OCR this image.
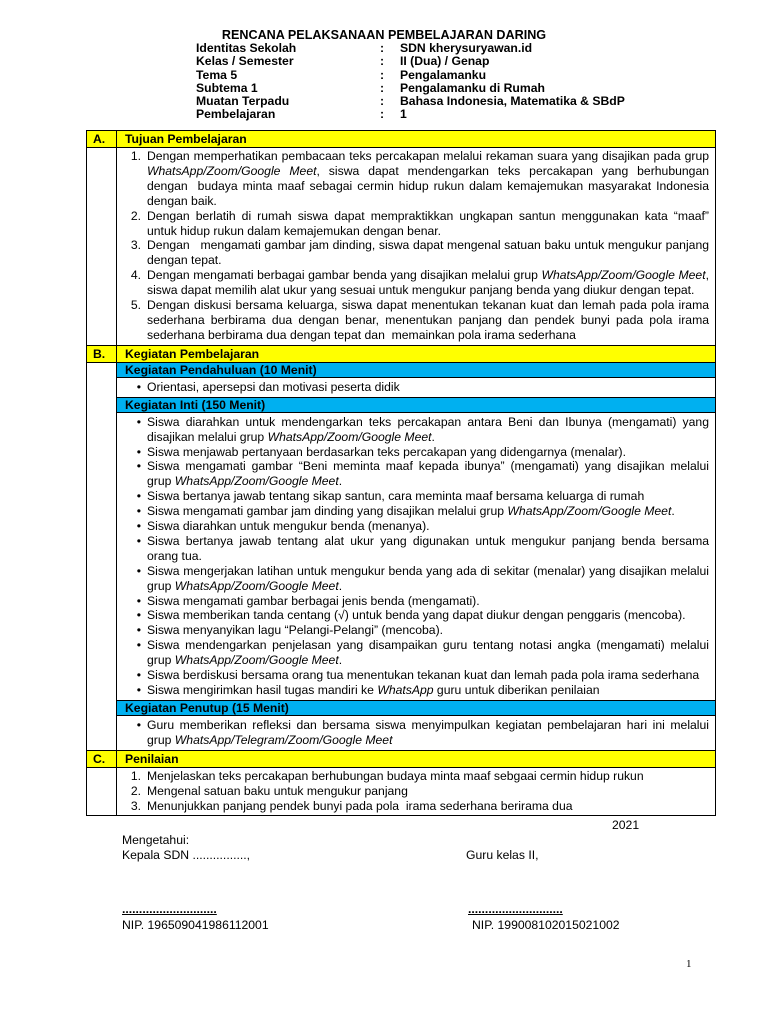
RENCANA PELAKSANAAN PEMBELAJARAN DARING
Identitas Sekolah	:	SDN kherysuryawan.id
Kelas / Semester	:	II (Dua) / Genap
Tema 5	:	Pengalamanku
Subtema 1	:	Pengalamanku di Rumah
Muatan Terpadu	:	Bahasa Indonesia, Matematika & SBdP
Pembelajaran	:	1
A.	Tujuan Pembelajaran
1. Dengan memperhatikan pembacaan teks percakapan melalui rekaman suara yang disajikan pada grup WhatsApp/Zoom/Google Meet, siswa dapat mendengarkan teks percakapan yang berhubungan dengan  budaya minta maaf sebagai cermin hidup rukun dalam kemajemukan masyarakat Indonesia dengan baik.
2. Dengan berlatih di rumah siswa dapat mempraktikkan ungkapan santun menggunakan kata “maaf” untuk hidup rukun dalam kemajemukan dengan benar.
3. Dengan   mengamati gambar jam dinding, siswa dapat mengenal satuan baku untuk mengukur panjang dengan tepat.
4. Dengan mengamati berbagai gambar benda yang disajikan melalui grup WhatsApp/Zoom/Google Meet, siswa dapat memilih alat ukur yang sesuai untuk mengukur panjang benda yang diukur dengan tepat.
5. Dengan diskusi bersama keluarga, siswa dapat menentukan tekanan kuat dan lemah pada pola irama sederhana berbirama dua dengan benar, menentukan panjang dan pendek bunyi pada pola irama sederhana berbirama dua dengan tepat dan  memainkan pola irama sederhana
B.	Kegiatan Pembelajaran
Kegiatan Pendahuluan (10 Menit)
• Orientasi, apersepsi dan motivasi peserta didik
Kegiatan Inti (150 Menit)
• Siswa diarahkan untuk mendengarkan teks percakapan antara Beni dan Ibunya (mengamati) yang disajikan melalui grup WhatsApp/Zoom/Google Meet.
• Siswa menjawab pertanyaan berdasarkan teks percakapan yang didengarnya (menalar).
• Siswa mengamati gambar “Beni meminta maaf kepada ibunya” (mengamati) yang disajikan melalui grup WhatsApp/Zoom/Google Meet.
• Siswa bertanya jawab tentang sikap santun, cara meminta maaf bersama keluarga di rumah
• Siswa mengamati gambar jam dinding yang disajikan melalui grup WhatsApp/Zoom/Google Meet.
• Siswa diarahkan untuk mengukur benda (menanya).
• Siswa bertanya jawab tentang alat ukur yang digunakan untuk mengukur panjang benda bersama orang tua.
• Siswa mengerjakan latihan untuk mengukur benda yang ada di sekitar (menalar) yang disajikan melalui grup WhatsApp/Zoom/Google Meet.
• Siswa mengamati gambar berbagai jenis benda (mengamati).
• Siswa memberikan tanda centang (√) untuk benda yang dapat diukur dengan penggaris (mencoba).
• Siswa menyanyikan lagu “Pelangi-Pelangi” (mencoba).
• Siswa mendengarkan penjelasan yang disampaikan guru tentang notasi angka (mengamati) melalui grup WhatsApp/Zoom/Google Meet.
• Siswa berdiskusi bersama orang tua menentukan tekanan kuat dan lemah pada pola irama sederhana
• Siswa mengirimkan hasil tugas mandiri ke WhatsApp guru untuk diberikan penilaian
Kegiatan Penutup (15 Menit)
• Guru memberikan refleksi dan bersama siswa menyimpulkan kegiatan pembelajaran hari ini melalui grup WhatsApp/Telegram/Zoom/Google Meet
C.	Penilaian
1. Menjelaskan teks percakapan berhubungan budaya minta maaf sebgaai cermin hidup rukun
2. Mengenal satuan baku untuk mengukur panjang
3. Menunjukkan panjang pendek bunyi pada pola  irama sederhana berirama dua
2021
Mengetahui:
Kepala SDN ................,	Guru kelas II,
............................	............................
NIP. 196509041986112001	NIP. 199008102015021002
1
